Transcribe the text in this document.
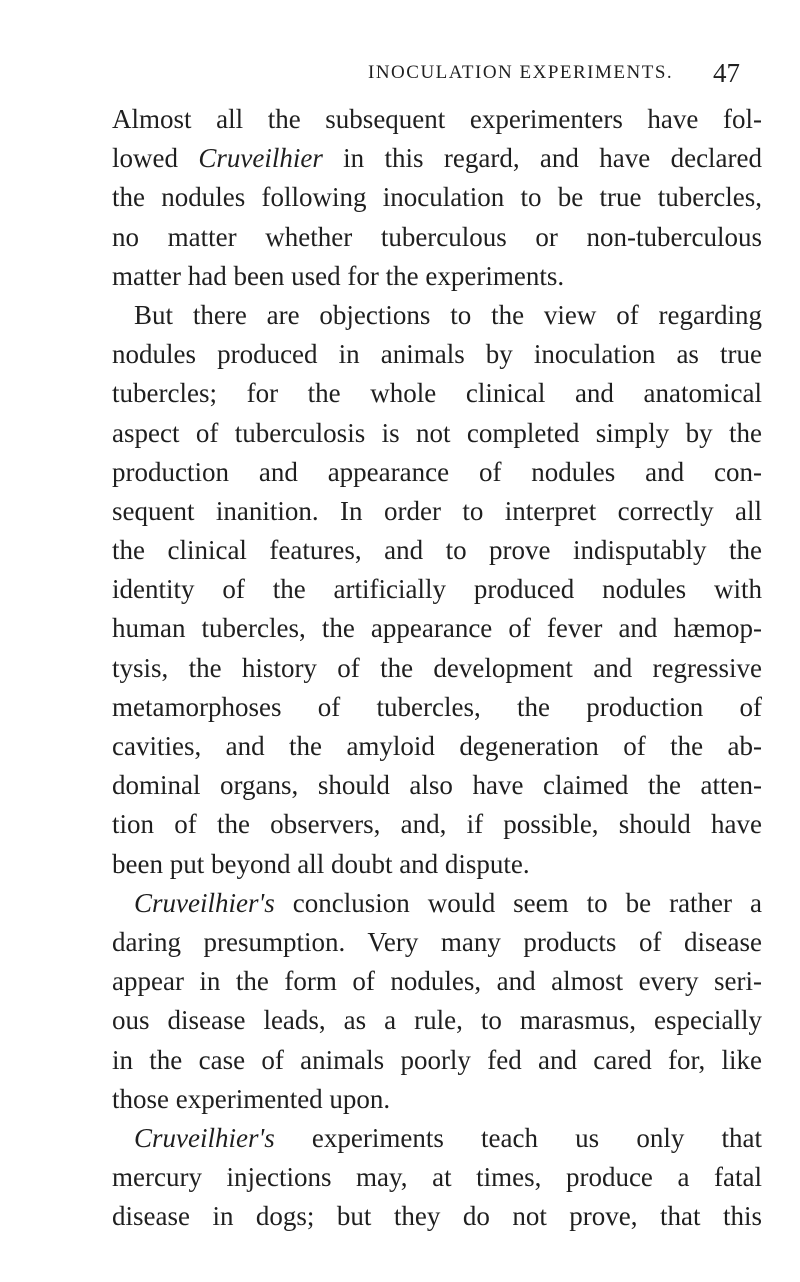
INOCULATION EXPERIMENTS. 47
Almost all the subsequent experimenters have fol-
lowed Cruveilhier in this regard, and have declared
the nodules following inoculation to be true tubercles,
no matter whether tuberculous or non-tuberculous
matter had been used for the experiments.
But there are objections to the view of regarding
nodules produced in animals by inoculation as true
tubercles; for the whole clinical and anatomical
aspect of tuberculosis is not completed simply by the
production and appearance of nodules and con-
sequent inanition. In order to interpret correctly all
the clinical features, and to prove indisputably the
identity of the artificially produced nodules with
human tubercles, the appearance of fever and hæmop-
tysis, the history of the development and regressive
metamorphoses of tubercles, the production of
cavities, and the amyloid degeneration of the ab-
dominal organs, should also have claimed the atten-
tion of the observers, and, if possible, should have
been put beyond all doubt and dispute.
Cruveilhier's conclusion would seem to be rather a
daring presumption. Very many products of disease
appear in the form of nodules, and almost every seri-
ous disease leads, as a rule, to marasmus, especially
in the case of animals poorly fed and cared for, like
those experimented upon.
Cruveilhier's experiments teach us only that
mercury injections may, at times, produce a fatal
disease in dogs; but they do not prove, that this
